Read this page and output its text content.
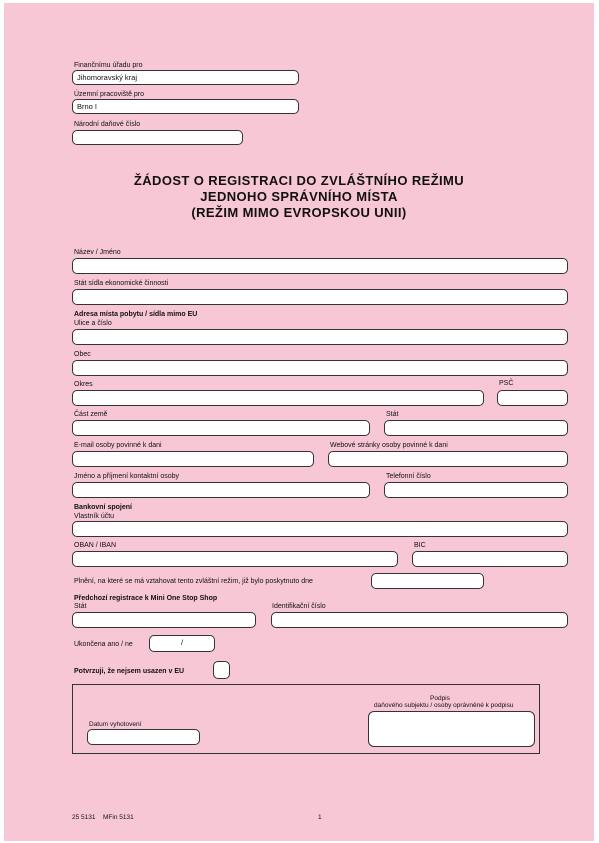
Finančnímu úřadu pro
Jihomoravský kraj
Územní pracoviště pro
Brno I
Národní daňové číslo
ŽÁDOST O REGISTRACI DO ZVLÁŠTNÍHO REŽIMU
JEDNOHO SPRÁVNÍHO MÍSTA
(REŽIM MIMO EVROPSKOU UNII)
Název / Jméno
Stát sídla ekonomické činnosti
Adresa místa pobytu / sídla mimo EU
Ulice a číslo
Obec
Okres	PSČ
Část země	Stát
E-mail osoby povinné k dani	Webové stránky osoby povinné k dani
Jméno a příjmení kontaktní osoby	Telefonní číslo
Bankovní spojení
Vlastník účtu
OBAN / IBAN	BIC
Plnění, na které se má vztahovat tento zvláštní režim, již bylo poskytnuto dne
Předchozí registrace k Mini One Stop Shop
Stát	Identifikační číslo
Ukončena ano / ne	/
Potvrzuji, že nejsem usazen v EU
Podpis
daňového subjektu / osoby oprávněné k podpisu
Datum vyhotovení
25 5131 MFin 5131	1
